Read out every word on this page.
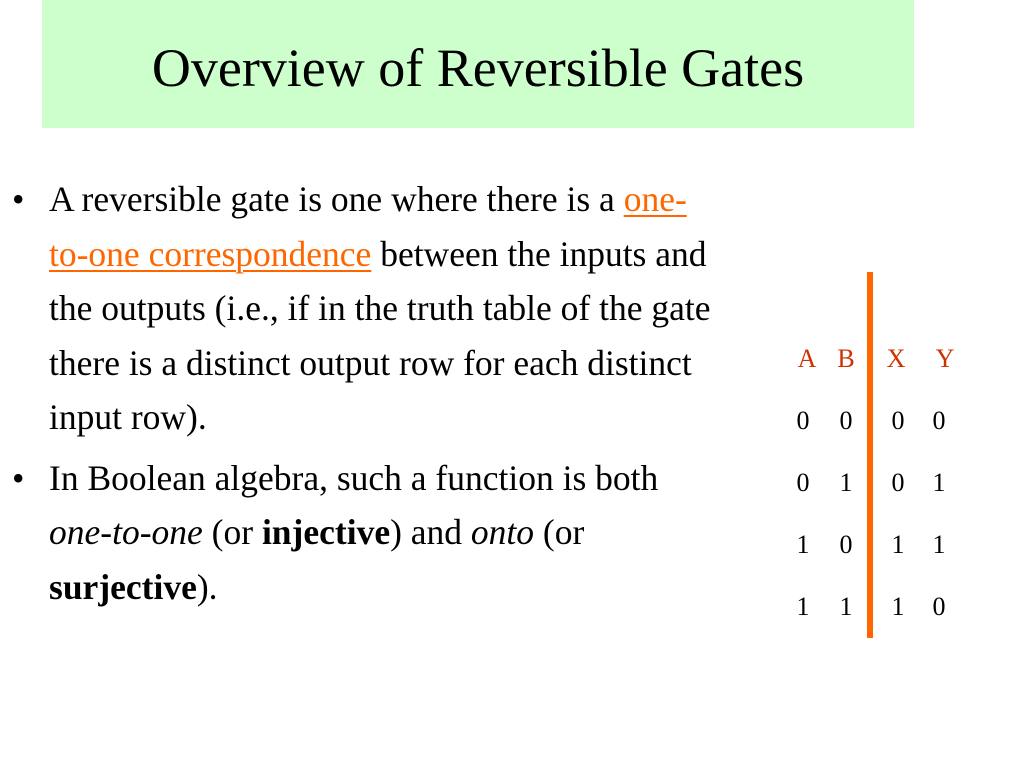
Overview of Reversible Gates

• A reversible gate is one where there is a one-to-one correspondence between the inputs and the outputs (i.e., if in the truth table of the gate there is a distinct output row for each distinct input row).

• In Boolean algebra, such a function is both one-to-one (or injective) and onto (or surjective).

A B X Y
0 0 0 0
0 1 0 1
1 0 1 1
1 1 1 0
